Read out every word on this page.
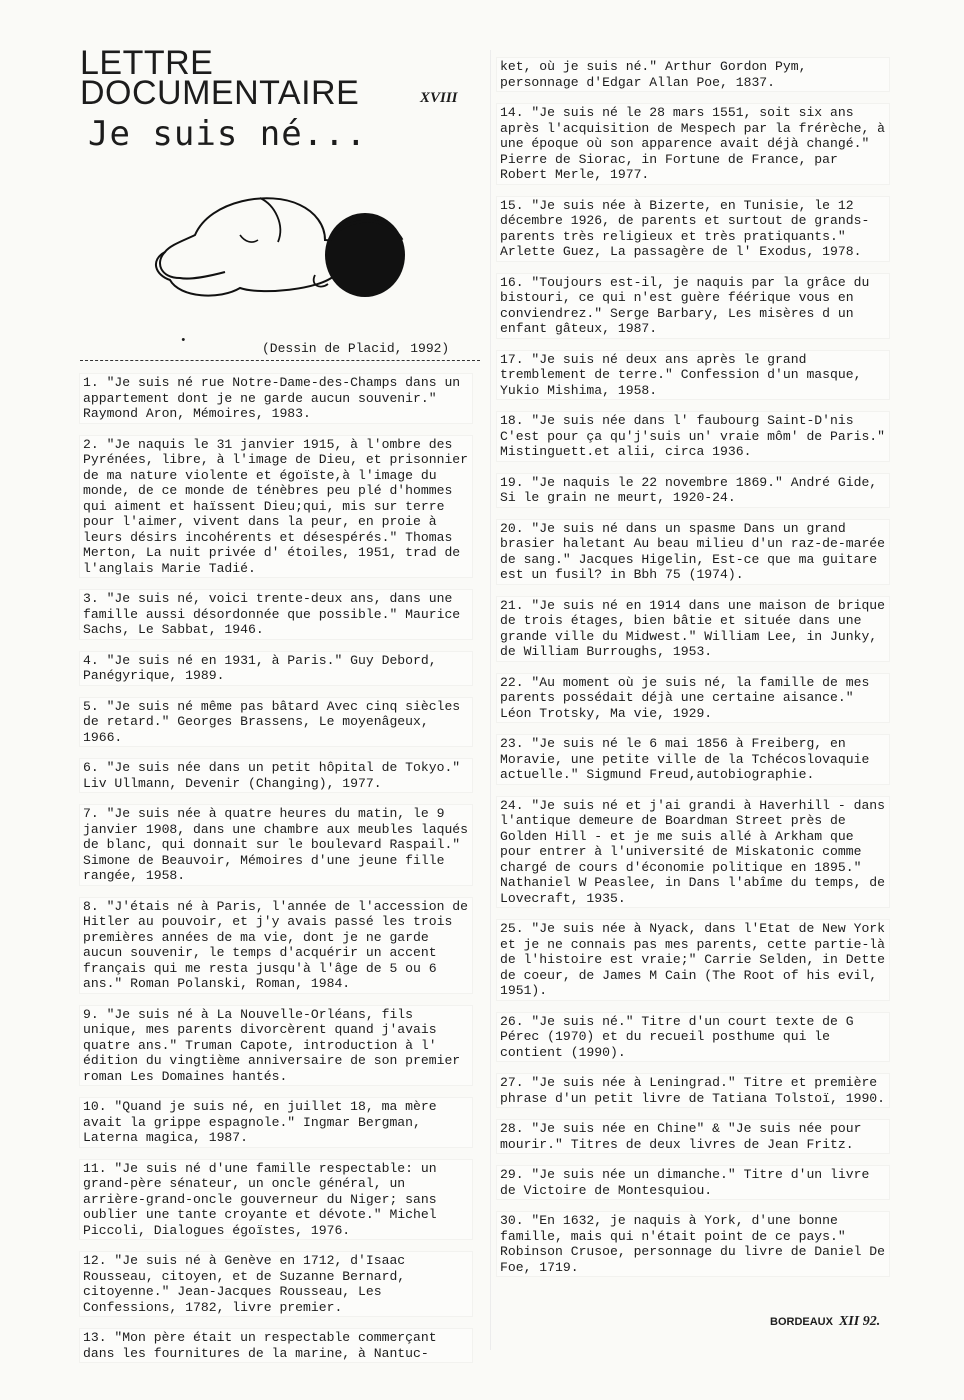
LETTRE
DOCUMENTAIRE	XVIII
Je suis né...
•	(Dessin de Placid, 1992)

1. "Je suis né rue Notre-Dame-des-Champs dans un appartement dont je ne garde aucun souvenir." Raymond Aron, Mémoires, 1983.

2. "Je naquis le 31 janvier 1915, à l'ombre des Pyrénées, libre, à l'image de Dieu, et prisonnier de ma nature violente et égoïste,à l'image du monde, de ce monde de ténèbres peu plé d'hommes qui aiment et haïssent Dieu;qui, mis sur terre pour l'aimer, vivent dans la peur, en proie à leurs désirs incohérents et désespérés." Thomas Merton, La nuit privée d' étoiles, 1951, trad de l'anglais Marie Tadié.

3. "Je suis né, voici trente-deux ans, dans une famille aussi désordonnée que possible." Maurice Sachs, Le Sabbat, 1946.

4. "Je suis né en 1931, à Paris." Guy Debord, Panégyrique, 1989.

5. "Je suis né même pas bâtard Avec cinq siècles de retard." Georges Brassens, Le moyenâgeux, 1966.

6. "Je suis née dans un petit hôpital de Tokyo." Liv Ullmann, Devenir (Changing), 1977.

7. "Je suis née à quatre heures du matin, le 9 janvier 1908, dans une chambre aux meubles laqués de blanc, qui donnait sur le boulevard Raspail." Simone de Beauvoir, Mémoires d'une jeune fille rangée, 1958.

8. "J'étais né à Paris, l'année de l'accession de Hitler au pouvoir, et j'y avais passé les trois premières années de ma vie, dont je ne garde aucun souvenir, le temps d'acquérir un accent français qui me resta jusqu'à l'âge de 5 ou 6 ans." Roman Polanski, Roman, 1984.

9. "Je suis né à La Nouvelle-Orléans, fils unique, mes parents divorcèrent quand j'avais quatre ans." Truman Capote, introduction à l' édition du vingtième anniversaire de son premier roman Les Domaines hantés.

10. "Quand je suis né, en juillet 18, ma mère avait la grippe espagnole." Ingmar Bergman, Laterna magica, 1987.

11. "Je suis né d'une famille respectable: un grand-père sénateur, un oncle général, un arrière-grand-oncle gouverneur du Niger; sans oublier une tante croyante et dévote." Michel Piccoli, Dialogues égoïstes, 1976.

12. "Je suis né à Genève en 1712, d'Isaac Rousseau, citoyen, et de Suzanne Bernard, citoyenne." Jean-Jacques Rousseau, Les Confessions, 1782, livre premier.

13. "Mon père était un respectable commerçant dans les fournitures de la marine, à Nantuc-

ket, où je suis né." Arthur Gordon Pym, personnage d'Edgar Allan Poe, 1837.

14. "Je suis né le 28 mars 1551, soit six ans après l'acquisition de Mespech par la frérèche, à une époque où son apparence avait déjà changé." Pierre de Siorac, in Fortune de France, par Robert Merle, 1977.

15. "Je suis née à Bizerte, en Tunisie, le 12 décembre 1926, de parents et surtout de grands-parents très religieux et très pratiquants." Arlette Guez, La passagère de l' Exodus, 1978.

16. "Toujours est-il, je naquis par la grâce du bistouri, ce qui n'est guère féérique vous en conviendrez." Serge Barbary, Les misères d un enfant gâteux, 1987.

17. "Je suis né deux ans après le grand tremblement de terre." Confession d'un masque, Yukio Mishima, 1958.

18. "Je suis née dans l' faubourg Saint-D'nis C'est pour ça qu'j'suis un' vraie môm' de Paris." Mistinguett.et alii, circa 1936.

19. "Je naquis le 22 novembre 1869." André Gide, Si le grain ne meurt, 1920-24.

20. "Je suis né dans un spasme Dans un grand brasier haletant Au beau milieu d'un raz-de-marée de sang." Jacques Higelin, Est-ce que ma guitare est un fusil? in Bbh 75 (1974).

21. "Je suis né en 1914 dans une maison de brique de trois étages, bien bâtie et située dans une grande ville du Midwest." William Lee, in Junky, de William Burroughs, 1953.

22. "Au moment où je suis né, la famille de mes parents possédait déjà une certaine aisance." Léon Trotsky, Ma vie, 1929.

23. "Je suis né le 6 mai 1856 à Freiberg, en Moravie, une petite ville de la Tchécoslovaquie actuelle." Sigmund Freud,autobiographie.

24. "Je suis né et j'ai grandi à Haverhill - dans l'antique demeure de Boardman Street près de Golden Hill - et je me suis allé à Arkham que pour entrer à l'université de Miskatonic comme chargé de cours d'économie politique en 1895." Nathaniel W Peaslee, in Dans l'abîme du temps, de Lovecraft, 1935.

25. "Je suis née à Nyack, dans l'Etat de New York et je ne connais pas mes parents, cette partie-là de l'histoire est vraie;" Carrie Selden, in Dette de coeur, de James M Cain (The Root of his evil, 1951).

26. "Je suis né." Titre d'un court texte de G Pérec (1970) et du recueil posthume qui le contient (1990).

27. "Je suis née à Leningrad." Titre et première phrase d'un petit livre de Tatiana Tolstoï, 1990.

28. "Je suis née en Chine" & "Je suis née pour mourir." Titres de deux livres de Jean Fritz.

29. "Je suis née un dimanche." Titre d'un livre de Victoire de Montesquiou.

30. "En 1632, je naquis à York, d'une bonne famille, mais qui n'était point de ce pays." Robinson Crusoe, personnage du livre de Daniel De Foe, 1719.

BORDEAUX XII 92.
